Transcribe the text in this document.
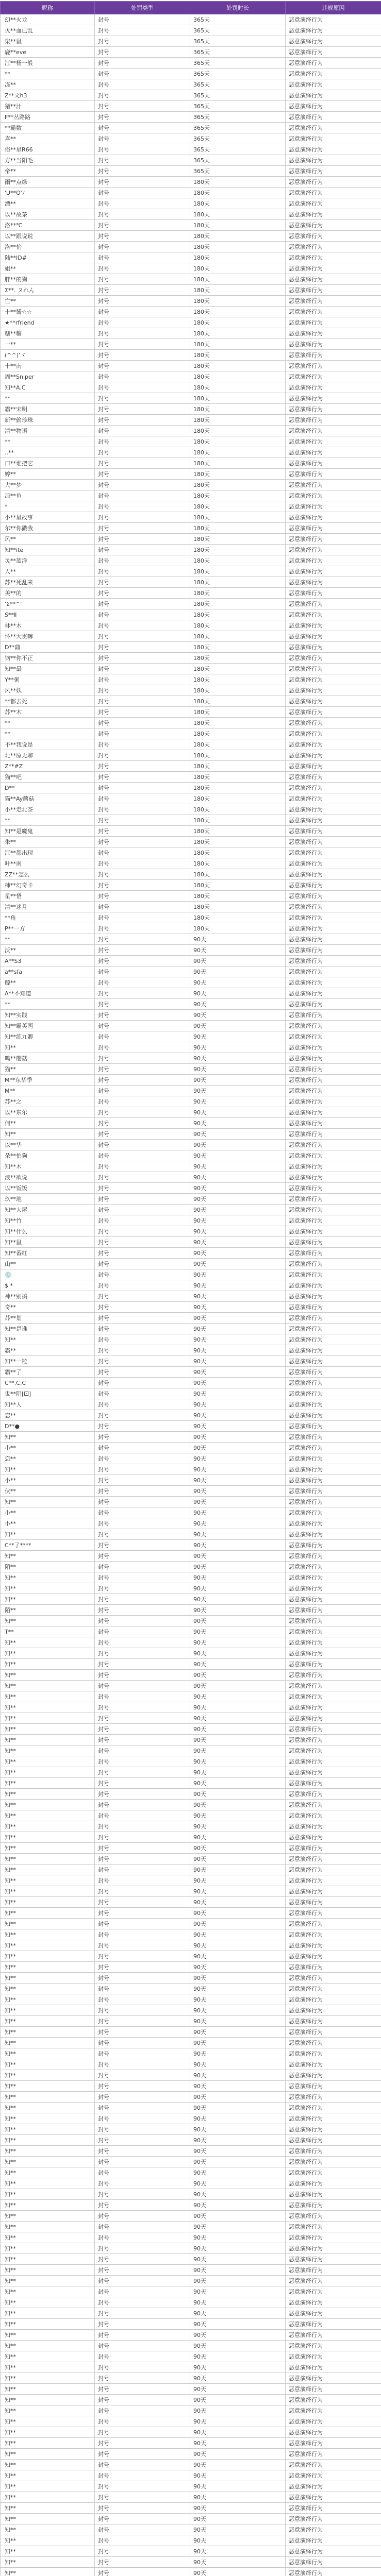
昵称	处罚类型	处罚时长	违规原因
幻**火龙	封号	365天	恶意演绎行为
灭**血已乱	封号	365天	恶意演绎行为
柒**鼠	封号	365天	恶意演绎行为
鹿**eve	封号	365天	恶意演绎行为
江**杨一般	封号	365天	恶意演绎行为
**	封号	365天	恶意演绎行为
冻**	封号	365天	恶意演绎行为
Z**文h3	封号	365天	恶意演绎行为
猪**汁	封号	365天	恶意演绎行为
F**丛路路	封号	365天	恶意演绎行为
**霸数	封号	365天	恶意演绎行为
喜**	封号	365天	恶意演绎行为
俗**星R66	封号	365天	恶意演绎行为
方**当阳毛	封号	365天	恶意演绎行为
帝**	封号	365天	恶意演绎行为
雨**点绿	封号	180天	恶意演绎行为
'U**O'ﾉ	封号	180天	恶意演绎行为
漂**	封号	180天	恶意演绎行为
以**故茶	封号	180天	恶意演绎行为
洛**℃	封号	180天	恶意演绎行为
以**跟说说	封号	180天	恶意演绎行为
洛**怡	封号	180天	恶意演绎行为
陆**ID#	封号	180天	恶意演绎行为
姐**	封号	180天	恶意演绎行为
胖**的狗	封号	180天	恶意演绎行为
Σ**. ヌれん	封号	180天	恶意演绎行为
亡**	封号	180天	恶意演绎行为
十**酱☆☆	封号	180天	恶意演绎行为
★**rfriend	封号	180天	恶意演绎行为
糖**糖	封号	180天	恶意演绎行为
一**	封号	180天	恶意演绎行为
(^^)'ゞ	封号	180天	恶意演绎行为
十**南	封号	180天	恶意演绎行为
周**Sniper	封号	180天	恶意演绎行为
知**A.C	封号	180天	恶意演绎行为
**	封号	180天	恶意演绎行为
霸**宋明	封号	180天	恶意演绎行为
新**偷珍珠	封号	180天	恶意演绎行为
清**物语	封号	180天	恶意演绎行为
**	封号	180天	恶意演绎行为
..**	封号	180天	恶意演绎行为
口**谁把它	封号	180天	恶意演绎行为
婷**	封号	180天	恶意演绎行为
大**梦	封号	180天	恶意演绎行为
凉**鱼	封号	180天	恶意演绎行为
*	封号	180天	恶意演绎行为
小**星故事	封号	180天	恶意演绎行为
尔**你戳我	封号	180天	恶意演绎行为
风**	封号	180天	恶意演绎行为
知**ite	封号	180天	恶意演绎行为
灵**蓝洋	封号	180天	恶意演绎行为
人**	封号	180天	恶意演绎行为
苏**死乱来	封号	180天	恶意演绎行为
美**的	封号	180天	恶意演绎行为
'Σ**^'	封号	180天	恶意演绎行为
S**Ⅱ	封号	180天	恶意演绎行为
林**木	封号	180天	恶意演绎行为
怀**大贯嘛	封号	180天	恶意演绎行为
D**鼎	封号	180天	恶意演绎行为
钧**你不正	封号	180天	恶意演绎行为
知**最	封号	180天	恶意演绎行为
Y**粥	封号	180天	恶意演绎行为
风**妖	封号	180天	恶意演绎行为
**都去死	封号	180天	恶意演绎行为
苏**木	封号	180天	恶意演绎行为
**	封号	180天	恶意演绎行为
**	封号	180天	恶意演绎行为
不**我说是	封号	180天	恶意演绎行为
北**原无聊	封号	180天	恶意演绎行为
Z**#Z	封号	180天	恶意演绎行为
猫**吧	封号	180天	恶意演绎行为
D**	封号	180天	恶意演绎行为
猫**Ay蘑菇	封号	180天	恶意演绎行为
小**走北茶	封号	180天	恶意演绎行为
**	封号	180天	恶意演绎行为
知**是魔鬼	封号	180天	恶意演绎行为
朱**	封号	180天	恶意演绎行为
江**都出现	封号	180天	恶意演绎行为
叶**南	封号	180天	恶意演绎行为
ZZ**怎么	封号	180天	恶意演绎行为
柿**幻奇卡	封号	180天	恶意演绎行为
星**悟	封号	180天	恶意演绎行为
清**迷月	封号	180天	恶意演绎行为
**角	封号	180天	恶意演绎行为
P**一方	封号	180天	恶意演绎行为
**	封号	90天	恶意演绎行为
沃**	封号	90天	恶意演绎行为
A**S3	封号	90天	恶意演绎行为
a**sfa	封号	90天	恶意演绎行为
鲸**	封号	90天	恶意演绎行为
A**不知道	封号	90天	恶意演绎行为
**	封号	90天	恶意演绎行为
知**实践	封号	90天	恶意演绎行为
知**霸英两	封号	90天	恶意演绎行为
知**练九卿	封号	90天	恶意演绎行为
知**	封号	90天	恶意演绎行为
鸣**蘑菇	封号	90天	恶意演绎行为
猫**	封号	90天	恶意演绎行为
M**东华季	封号	90天	恶意演绎行为
M**	封号	90天	恶意演绎行为
苏**之	封号	90天	恶意演绎行为
以**东尔	封号	90天	恶意演绎行为
何**	封号	90天	恶意演绎行为
知**	封号	90天	恶意演绎行为
以**华	封号	90天	恶意演绎行为
朵**怕狗	封号	90天	恶意演绎行为
知**木	封号	90天	恶意演绎行为
浪**欲说	封号	90天	恶意演绎行为
以**饭饭	封号	90天	恶意演绎行为
玖**地	封号	90天	恶意演绎行为
知**大屋	封号	90天	恶意演绎行为
知**竹	封号	90天	恶意演绎行为
知**什么	封号	90天	恶意演绎行为
知**鼠	封号	90天	恶意演绎行为
知**番红	封号	90天	恶意演绎行为
山**	封号	90天	恶意演绎行为
💿	封号	90天	恶意演绎行为
$ *	封号	90天	恶意演绎行为
神**别搞	封号	90天	恶意演绎行为
奇**	封号	90天	恶意演绎行为
苏**划	封号	90天	恶意演绎行为
知**是谁	封号	90天	恶意演绎行为
知**	封号	90天	恶意演绎行为
霸**	封号	90天	恶意演绎行为
知**一粒	封号	90天	恶意演绎行为
霸**了	封号	90天	恶意演绎行为
C**.C.C	封号	90天	恶意演绎行为
鬼**阴[⚀]	封号	90天	恶意演绎行为
知**人	封号	90天	恶意演绎行为
恋**	封号	90天	恶意演绎行为
D**●	封号	90天	恶意演绎行为
知**	封号	90天	恶意演绎行为
小**	封号	90天	恶意演绎行为
恋**	封号	90天	恶意演绎行为
知**	封号	90天	恶意演绎行为
小**	封号	90天	恶意演绎行为
伏**	封号	90天	恶意演绎行为
知**	封号	90天	恶意演绎行为
小**	封号	90天	恶意演绎行为
小**	封号	90天	恶意演绎行为
知**	封号	90天	恶意演绎行为
C**了****	封号	90天	恶意演绎行为
知**	封号	90天	恶意演绎行为
陌**	封号	90天	恶意演绎行为
知**	封号	90天	恶意演绎行为
知**	封号	90天	恶意演绎行为
知**	封号	90天	恶意演绎行为
陌**	封号	90天	恶意演绎行为
知**	封号	90天	恶意演绎行为
T**	封号	90天	恶意演绎行为
知**	封号	90天	恶意演绎行为
知**	封号	90天	恶意演绎行为
知**	封号	90天	恶意演绎行为
知**	封号	90天	恶意演绎行为
知**	封号	90天	恶意演绎行为
知**	封号	90天	恶意演绎行为
知**	封号	90天	恶意演绎行为
知**	封号	90天	恶意演绎行为
知**	封号	90天	恶意演绎行为
知**	封号	90天	恶意演绎行为
知**	封号	90天	恶意演绎行为
知**	封号	90天	恶意演绎行为
知**	封号	90天	恶意演绎行为
知**	封号	90天	恶意演绎行为
知**	封号	90天	恶意演绎行为
知**	封号	90天	恶意演绎行为
知**	封号	90天	恶意演绎行为
知**	封号	90天	恶意演绎行为
知**	封号	90天	恶意演绎行为
知**	封号	90天	恶意演绎行为
知**	封号	90天	恶意演绎行为
知**	封号	90天	恶意演绎行为
知**	封号	90天	恶意演绎行为
知**	封号	90天	恶意演绎行为
知**	封号	90天	恶意演绎行为
知**	封号	90天	恶意演绎行为
知**	封号	90天	恶意演绎行为
知**	封号	90天	恶意演绎行为
知**	封号	90天	恶意演绎行为
知**	封号	90天	恶意演绎行为
知**	封号	90天	恶意演绎行为
知**	封号	90天	恶意演绎行为
知**	封号	90天	恶意演绎行为
知**	封号	90天	恶意演绎行为
知**	封号	90天	恶意演绎行为
知**	封号	90天	恶意演绎行为
知**	封号	90天	恶意演绎行为
知**	封号	90天	恶意演绎行为
知**	封号	90天	恶意演绎行为
知**	封号	90天	恶意演绎行为
知**	封号	90天	恶意演绎行为
知**	封号	90天	恶意演绎行为
知**	封号	90天	恶意演绎行为
知**	封号	90天	恶意演绎行为
知**	封号	90天	恶意演绎行为
知**	封号	90天	恶意演绎行为
知**	封号	90天	恶意演绎行为
知**	封号	90天	恶意演绎行为
知**	封号	90天	恶意演绎行为
知**	封号	90天	恶意演绎行为
知**	封号	90天	恶意演绎行为
知**	封号	90天	恶意演绎行为
知**	封号	90天	恶意演绎行为
知**	封号	90天	恶意演绎行为
知**	封号	90天	恶意演绎行为
知**	封号	90天	恶意演绎行为
知**	封号	90天	恶意演绎行为
知**	封号	90天	恶意演绎行为
知**	封号	90天	恶意演绎行为
知**	封号	90天	恶意演绎行为
知**	封号	90天	恶意演绎行为
知**	封号	90天	恶意演绎行为
知**	封号	90天	恶意演绎行为
知**	封号	90天	恶意演绎行为
知**	封号	90天	恶意演绎行为
知**	封号	90天	恶意演绎行为
知**	封号	90天	恶意演绎行为
知**	封号	90天	恶意演绎行为
知**	封号	90天	恶意演绎行为
知**	封号	90天	恶意演绎行为
知**	封号	90天	恶意演绎行为
知**	封号	90天	恶意演绎行为
知**	封号	90天	恶意演绎行为
知**	封号	90天	恶意演绎行为
知**	封号	90天	恶意演绎行为
知**	封号	90天	恶意演绎行为
知**	封号	90天	恶意演绎行为
知**	封号	90天	恶意演绎行为
知**	封号	90天	恶意演绎行为
知**	封号	90天	恶意演绎行为
知**	封号	90天	恶意演绎行为
知**	封号	90天	恶意演绎行为
知**	封号	90天	恶意演绎行为
知**	封号	90天	恶意演绎行为
知**	封号	90天	恶意演绎行为
知**	封号	90天	恶意演绎行为
知**	封号	90天	恶意演绎行为
